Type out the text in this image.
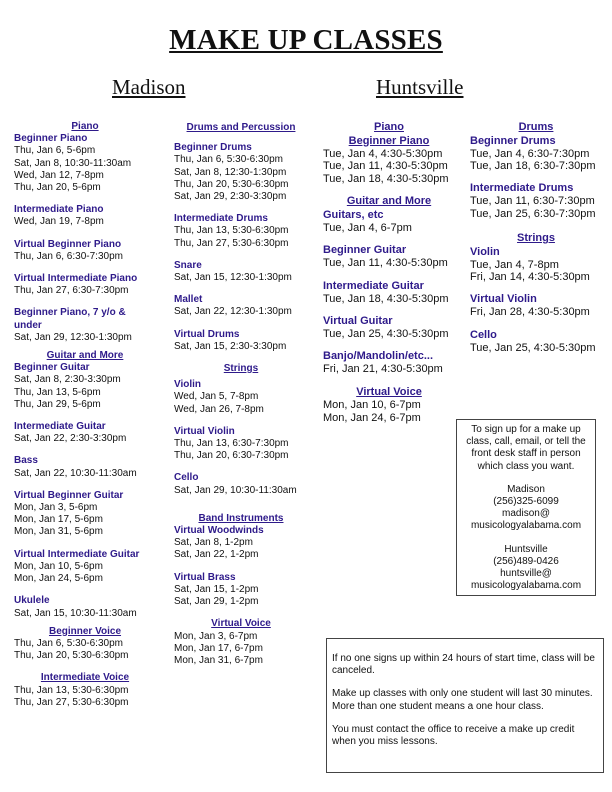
MAKE UP CLASSES
Madison	Huntsville
Piano
Beginner Piano
Thu, Jan 6, 5-6pm
Sat, Jan 8, 10:30-11:30am
Wed, Jan 12, 7-8pm
Thu, Jan 20, 5-6pm
Intermediate Piano
Wed, Jan 19, 7-8pm
Virtual Beginner Piano
Thu, Jan 6, 6:30-7:30pm
Virtual Intermediate Piano
Thu, Jan 27, 6:30-7:30pm
Beginner Piano, 7 y/o & under
Sat, Jan 29, 12:30-1:30pm
Guitar and More
Beginner Guitar
Sat, Jan 8, 2:30-3:30pm
Thu, Jan 13, 5-6pm
Thu, Jan 29, 5-6pm
Intermediate Guitar
Sat, Jan 22, 2:30-3:30pm
Bass
Sat, Jan 22, 10:30-11:30am
Virtual Beginner Guitar
Mon, Jan 3, 5-6pm
Mon, Jan 17, 5-6pm
Mon, Jan 31, 5-6pm
Virtual Intermediate Guitar
Mon, Jan 10, 5-6pm
Mon, Jan 24, 5-6pm
Ukulele
Sat, Jan 15, 10:30-11:30am
Beginner Voice
Thu, Jan 6, 5:30-6:30pm
Thu, Jan 20, 5:30-6:30pm
Intermediate Voice
Thu, Jan 13, 5:30-6:30pm
Thu, Jan 27, 5:30-6:30pm
Drums and Percussion
Beginner Drums
Thu, Jan 6, 5:30-6:30pm
Sat, Jan 8, 12:30-1:30pm
Thu, Jan 20, 5:30-6:30pm
Sat, Jan 29, 2:30-3:30pm
Intermediate Drums
Thu, Jan 13, 5:30-6:30pm
Thu, Jan 27, 5:30-6:30pm
Snare
Sat, Jan 15, 12:30-1:30pm
Mallet
Sat, Jan 22, 12:30-1:30pm
Virtual Drums
Sat, Jan 15, 2:30-3:30pm
Strings
Violin
Wed, Jan 5, 7-8pm
Wed, Jan 26, 7-8pm
Virtual Violin
Thu, Jan 13, 6:30-7:30pm
Thu, Jan 20, 6:30-7:30pm
Cello
Sat, Jan 29, 10:30-11:30am
Band Instruments
Virtual Woodwinds
Sat, Jan 8, 1-2pm
Sat, Jan 22, 1-2pm
Virtual Brass
Sat, Jan 15, 1-2pm
Sat, Jan 29, 1-2pm
Virtual Voice
Mon, Jan 3, 6-7pm
Mon, Jan 17, 6-7pm
Mon, Jan 31, 6-7pm
Piano
Beginner Piano
Tue, Jan 4, 4:30-5:30pm
Tue, Jan 11, 4:30-5:30pm
Tue, Jan 18, 4:30-5:30pm
Guitar and More
Guitars, etc
Tue, Jan 4, 6-7pm
Beginner Guitar
Tue, Jan 11, 4:30-5:30pm
Intermediate Guitar
Tue, Jan 18, 4:30-5:30pm
Virtual Guitar
Tue, Jan 25, 4:30-5:30pm
Banjo/Mandolin/etc...
Fri, Jan 21, 4:30-5:30pm
Virtual Voice
Mon, Jan 10, 6-7pm
Mon, Jan 24, 6-7pm
Drums
Beginner Drums
Tue, Jan 4, 6:30-7:30pm
Tue, Jan 18, 6:30-7:30pm
Intermediate Drums
Tue, Jan 11, 6:30-7:30pm
Tue, Jan 25, 6:30-7:30pm
Strings
Violin
Tue, Jan 4, 7-8pm
Fri, Jan 14, 4:30-5:30pm
Virtual Violin
Fri, Jan 28, 4:30-5:30pm
Cello
Tue, Jan 25, 4:30-5:30pm

To sign up for a make up class, call, email, or tell the front desk staff in person which class you want.

Madison
(256)325-6099
madison@

musicologyalabama.com

Huntsville
(256)489-0426
huntsville@
musicologyalabama.com

If no one signs up within 24 hours of start time, class will be canceled.

Make up classes with only one student will last 30 minutes. More than one student means a one hour class.

You must contact the office to receive a make up credit when you miss lessons.
